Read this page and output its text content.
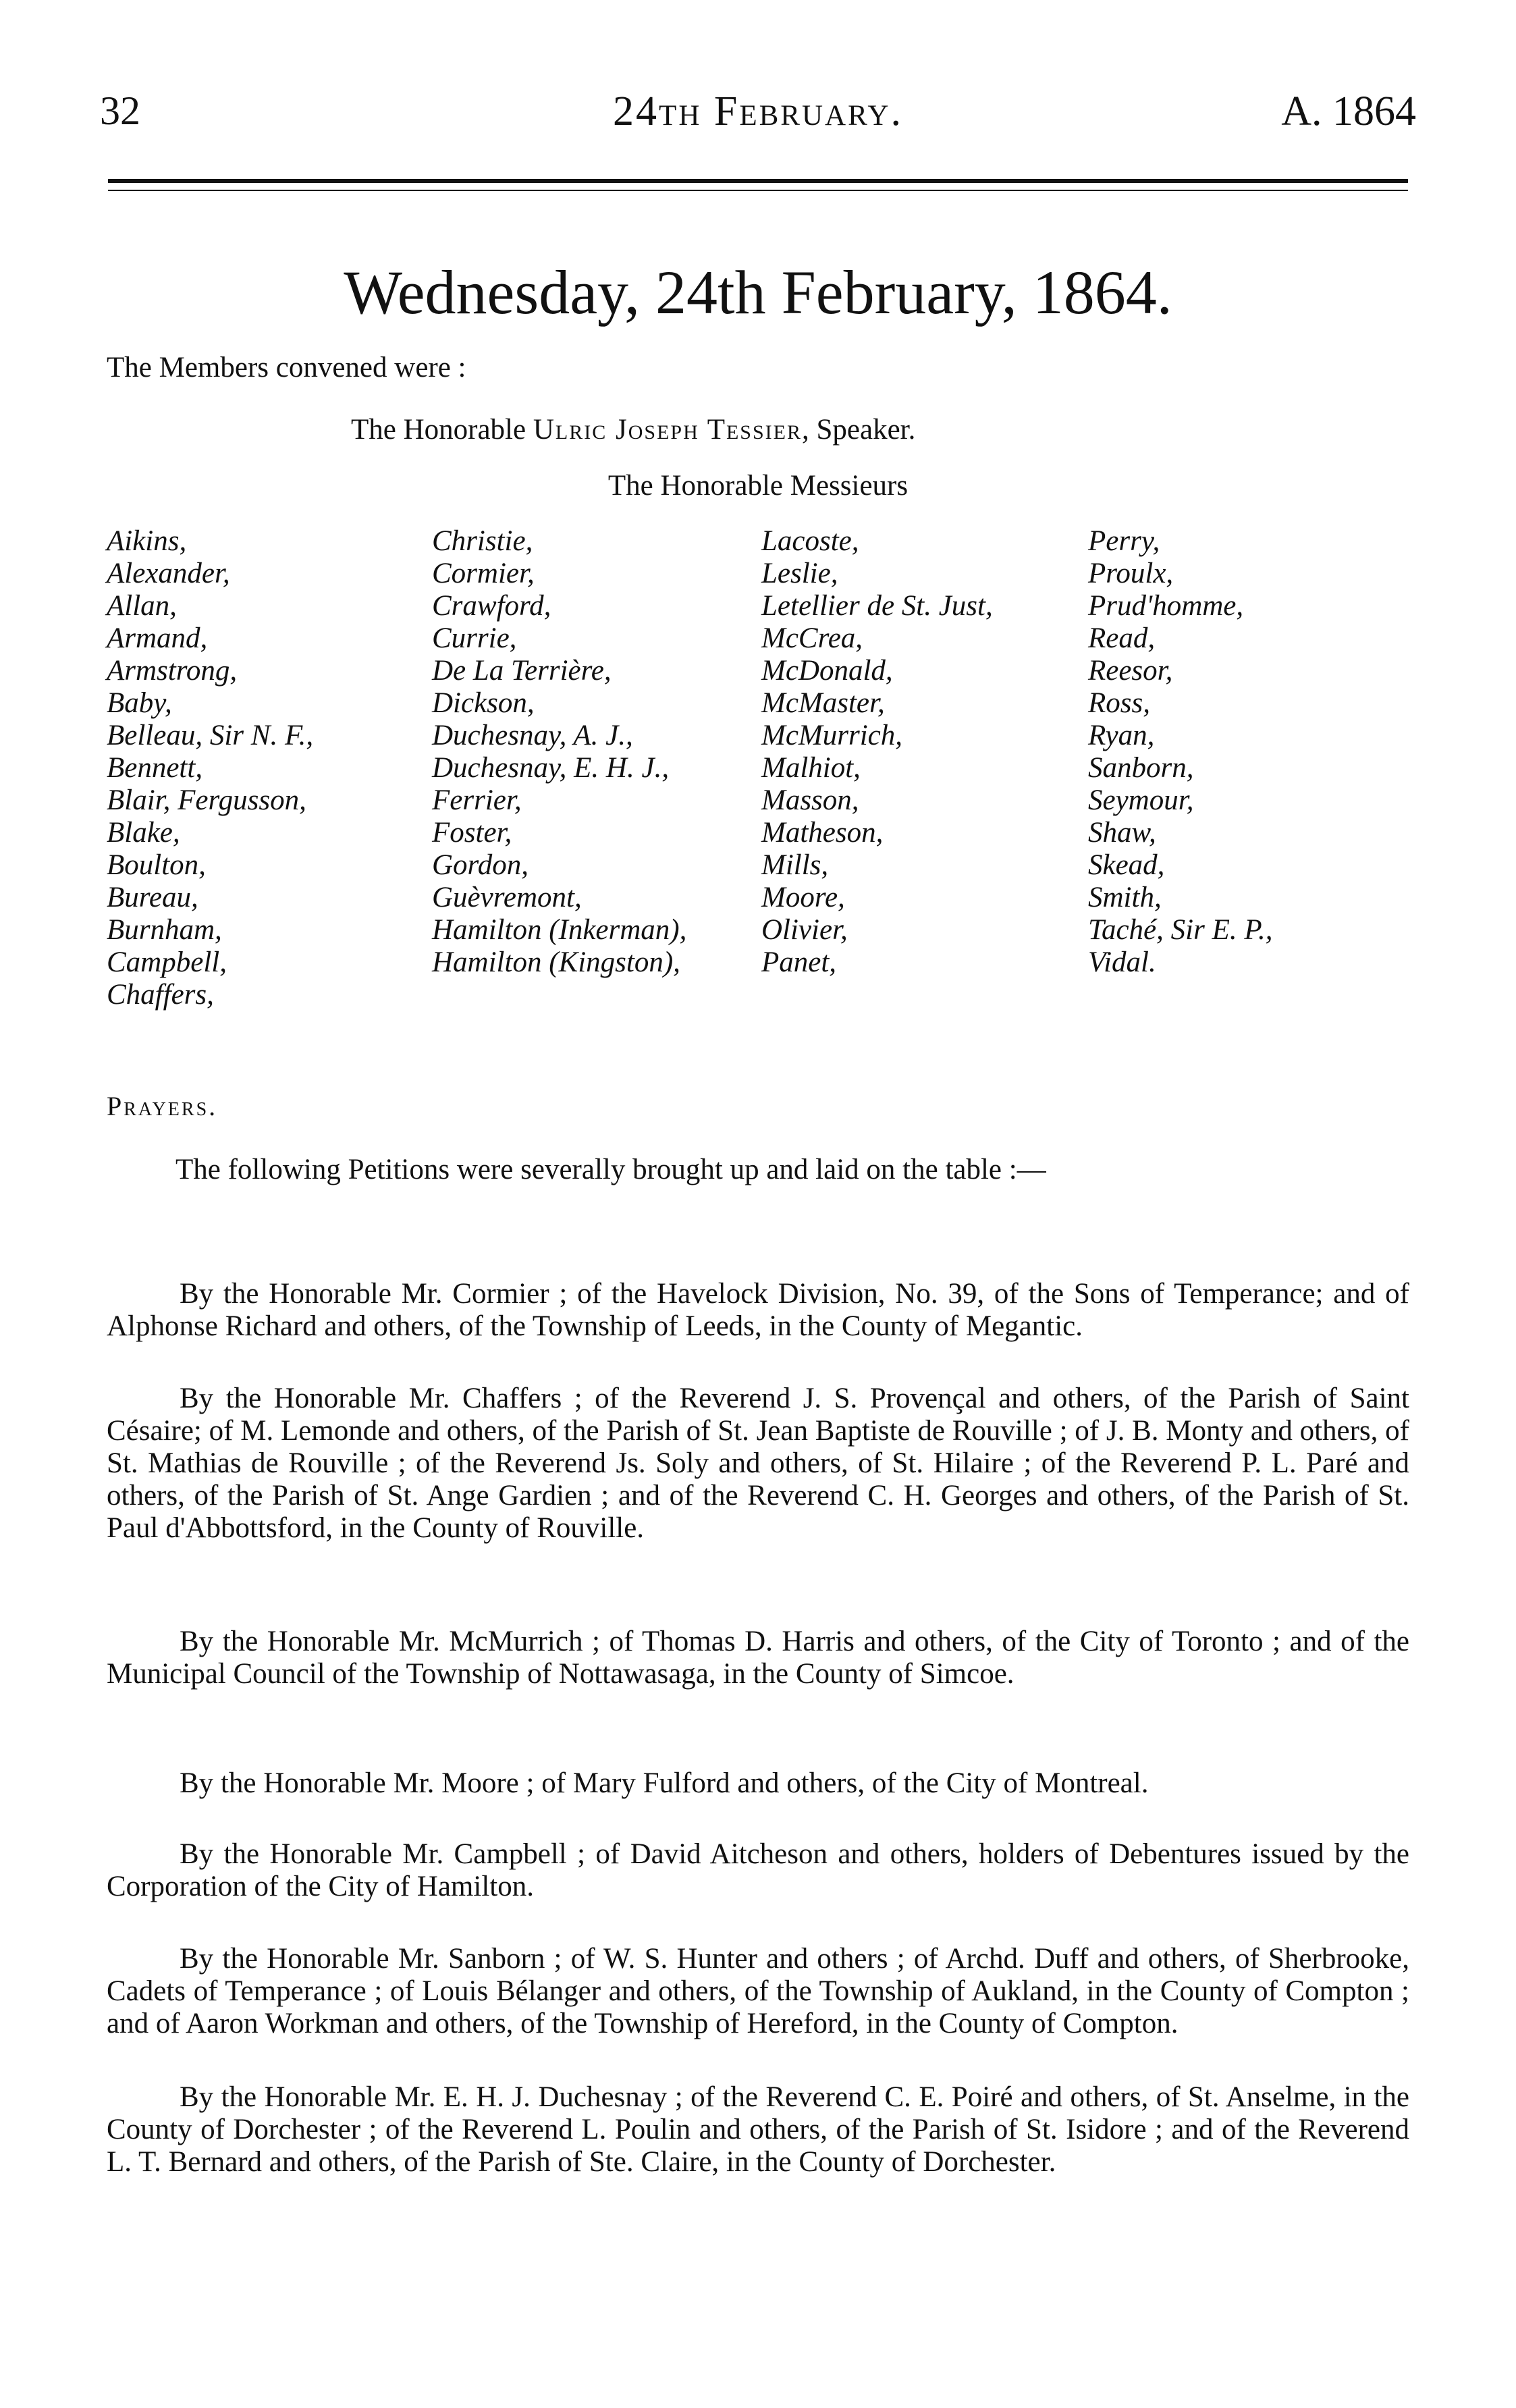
32	24th February.	A. 1864
Wednesday, 24th February, 1864.
The Members convened were :
The Honorable Ulric Joseph Tessier, Speaker.
The Honorable Messieurs
Aikins,
Alexander,
Allan,
Armand,
Armstrong,
Baby,
Belleau, Sir N. F.,
Bennett,
Blair, Fergusson,
Blake,
Boulton,
Bureau,
Burnham,
Campbell,
Chaffers,
Christie,
Cormier,
Crawford,
Currie,
De La Terrière,
Dickson,
Duchesnay, A. J.,
Duchesnay, E. H. J.,
Ferrier,
Foster,
Gordon,
Guèvremont,
Hamilton (Inkerman),
Hamilton (Kingston),
Lacoste,
Leslie,
Letellier de St. Just,
McCrea,
McDonald,
McMaster,
McMurrich,
Malhiot,
Masson,
Matheson,
Mills,
Moore,
Olivier,
Panet,
Perry,
Proulx,
Prud'homme,
Read,
Reesor,
Ross,
Ryan,
Sanborn,
Seymour,
Shaw,
Skead,
Smith,
Taché, Sir E. P.,
Vidal.
Prayers.
The following Petitions were severally brought up and laid on the table :—

By the Honorable Mr. Cormier ; of the Havelock Division, No. 39, of the Sons of Temperance; and of Alphonse Richard and others, of the Township of Leeds, in the County of Megantic.

By the Honorable Mr. Chaffers ; of the Reverend J. S. Provençal and others, of the Parish of Saint Césaire; of M. Lemonde and others, of the Parish of St. Jean Baptiste de Rouville ; of J. B. Monty and others, of St. Mathias de Rouville ; of the Reverend Js. Soly and others, of St. Hilaire ; of the Reverend P. L. Paré and others, of the Parish of St. Ange Gardien ; and of the Reverend C. H. Georges and others, of the Parish of St. Paul d'Abbottsford, in the County of Rouville.

By the Honorable Mr. McMurrich ; of Thomas D. Harris and others, of the City of Toronto ; and of the Municipal Council of the Township of Nottawasaga, in the County of Simcoe.

By the Honorable Mr. Moore ; of Mary Fulford and others, of the City of Montreal.

By the Honorable Mr. Campbell ; of David Aitcheson and others, holders of Debentures issued by the Corporation of the City of Hamilton.

By the Honorable Mr. Sanborn ; of W. S. Hunter and others ; of Archd. Duff and others, of Sherbrooke, Cadets of Temperance ; of Louis Bélanger and others, of the Township of Aukland, in the County of Compton ; and of Aaron Workman and others, of the Township of Hereford, in the County of Compton.

By the Honorable Mr. E. H. J. Duchesnay ; of the Reverend C. E. Poiré and others, of St. Anselme, in the County of Dorchester ; of the Reverend L. Poulin and others, of the Parish of St. Isidore ; and of the Reverend L. T. Bernard and others, of the Parish of Ste. Claire, in the County of Dorchester.
